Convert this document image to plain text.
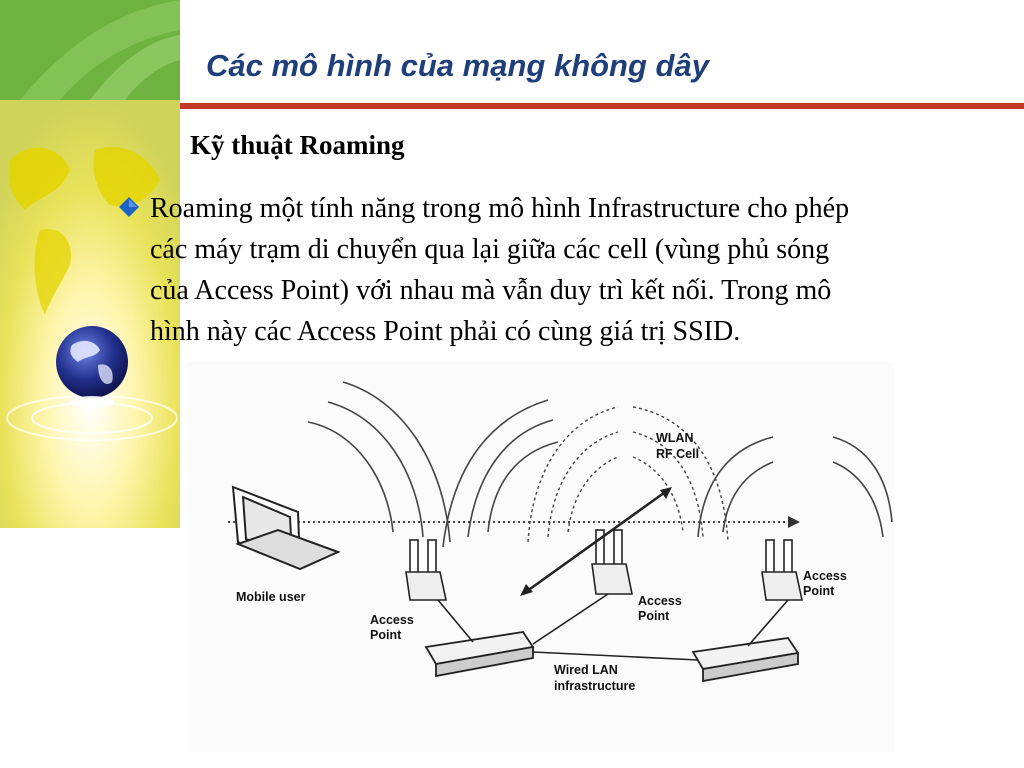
Các mô hình của mạng không dây
Kỹ thuật Roaming
Roaming một tính năng trong mô hình Infrastructure cho phép
các máy trạm di chuyển qua lại giữa các cell (vùng phủ sóng
của Access Point) với nhau mà vẫn duy trì kết nối. Trong mô
hình này các Access Point phải có cùng giá trị SSID.
Mobile user
WLAN
RF Cell
Access
Point
Access
Point
Access
Point
Wired LAN
infrastructure
